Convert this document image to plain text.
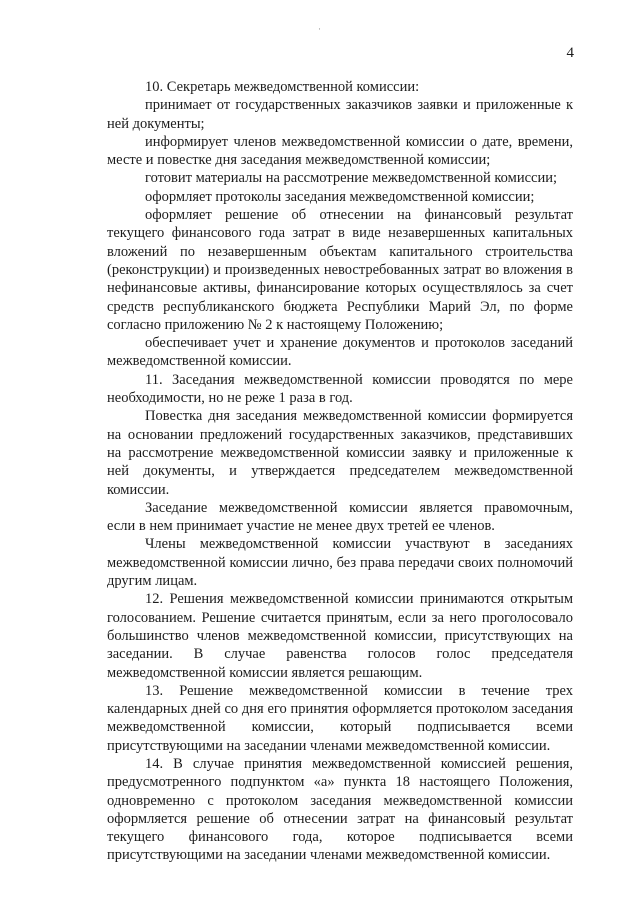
·
4

10. Секретарь межведомственной комиссии:

принимает от государственных заказчиков заявки и приложенные к ней документы;

информирует членов межведомственной комиссии о дате, времени, месте и повестке дня заседания межведомственной комиссии;

готовит материалы на рассмотрение межведомственной комиссии;

оформляет протоколы заседания межведомственной комиссии;

оформляет решение об отнесении на финансовый результат текущего финансового года затрат в виде незавершенных капитальных вложений по незавершенным объектам капитального строительства (реконструкции) и произведенных невостребованных затрат во вложения в нефинансовые активы, финансирование которых осуществлялось за счет средств республиканского бюджета Республики Марий Эл, по форме согласно приложению № 2 к настоящему Положению;

обеспечивает учет и хранение документов и протоколов заседаний межведомственной комиссии.

11. Заседания межведомственной комиссии проводятся по мере необходимости, но не реже 1 раза в год.

Повестка дня заседания межведомственной комиссии формируется на основании предложений государственных заказчиков, представивших на рассмотрение межведомственной комиссии заявку и приложенные к ней документы, и утверждается председателем межведомственной комиссии.

Заседание межведомственной комиссии является правомочным, если в нем принимает участие не менее двух третей ее членов.

Члены межведомственной комиссии участвуют в заседаниях межведомственной комиссии лично, без права передачи своих полномочий другим лицам.

12. Решения межведомственной комиссии принимаются открытым голосованием. Решение считается принятым, если за него проголосовало большинство членов межведомственной комиссии, присутствующих на заседании. В случае равенства голосов голос председателя межведомственной комиссии является решающим.

13. Решение межведомственной комиссии в течение трех календарных дней со дня его принятия оформляется протоколом заседания межведомственной комиссии, который подписывается всеми присутствующими на заседании членами межведомственной комиссии.

14. В случае принятия межведомственной комиссией решения, предусмотренного подпунктом «а» пункта 18 настоящего Положения, одновременно с протоколом заседания межведомственной комиссии оформляется решение об отнесении затрат на финансовый результат текущего финансового года, которое подписывается всеми присутствующими на заседании членами межведомственной комиссии.
